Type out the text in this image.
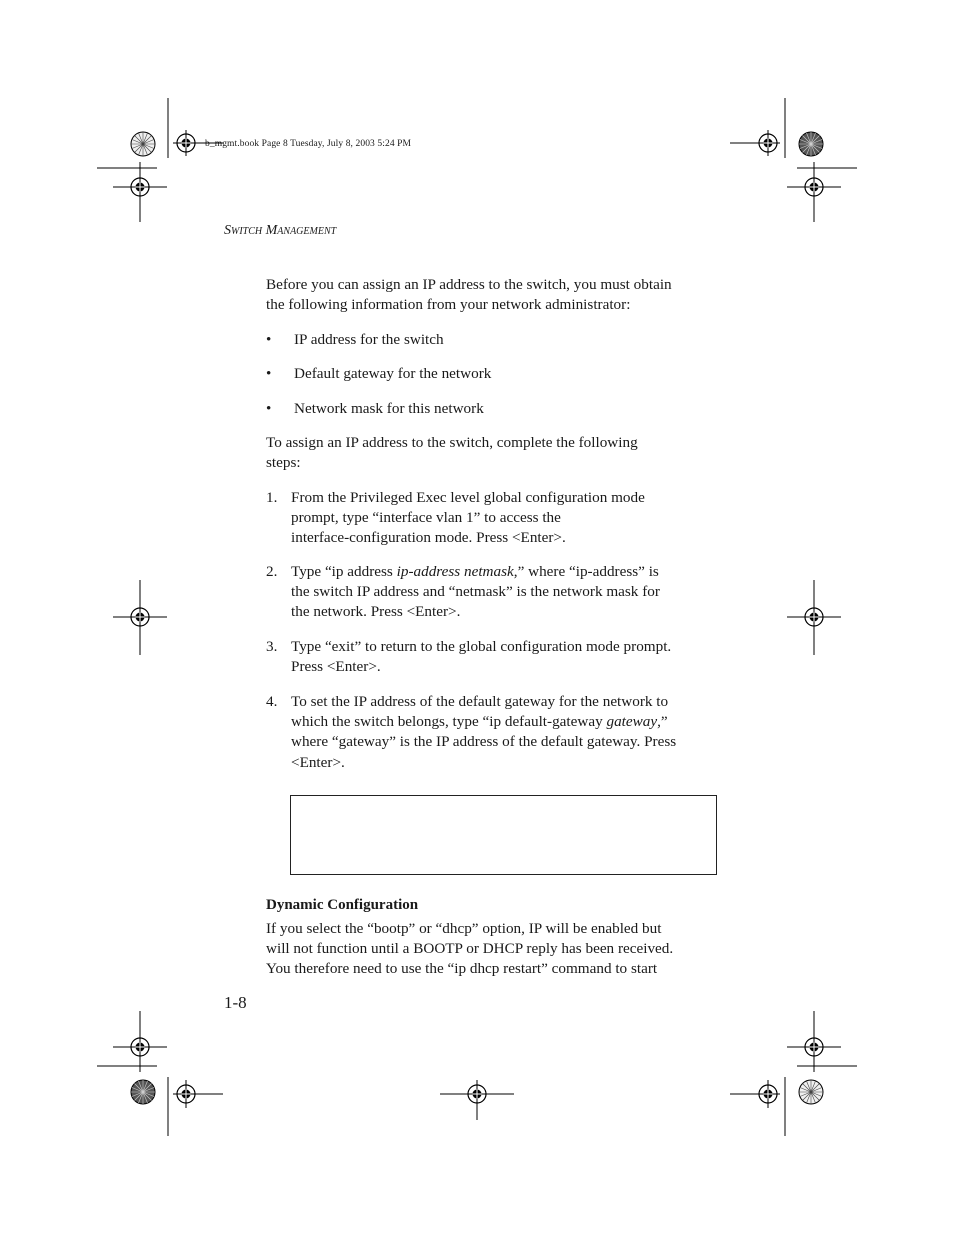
b_mgmt.book Page 8 Tuesday, July 8, 2003 5:24 PM
Switch Management
Before you can assign an IP address to the switch, you must obtain
the following information from your network administrator:
• IP address for the switch
• Default gateway for the network
• Network mask for this network
To assign an IP address to the switch, complete the following
steps:
1. From the Privileged Exec level global configuration mode
prompt, type “interface vlan 1” to access the
interface-configuration mode. Press <Enter>.
2. Type “ip address ip-address netmask,” where “ip-address” is
the switch IP address and “netmask” is the network mask for
the network. Press <Enter>.
3. Type “exit” to return to the global configuration mode prompt.
Press <Enter>.
4. To set the IP address of the default gateway for the network to
which the switch belongs, type “ip default-gateway gateway,”
where “gateway” is the IP address of the default gateway. Press
<Enter>.
Dynamic Configuration
If you select the “bootp” or “dhcp” option, IP will be enabled but
will not function until a BOOTP or DHCP reply has been received.
You therefore need to use the “ip dhcp restart” command to start
1-8
